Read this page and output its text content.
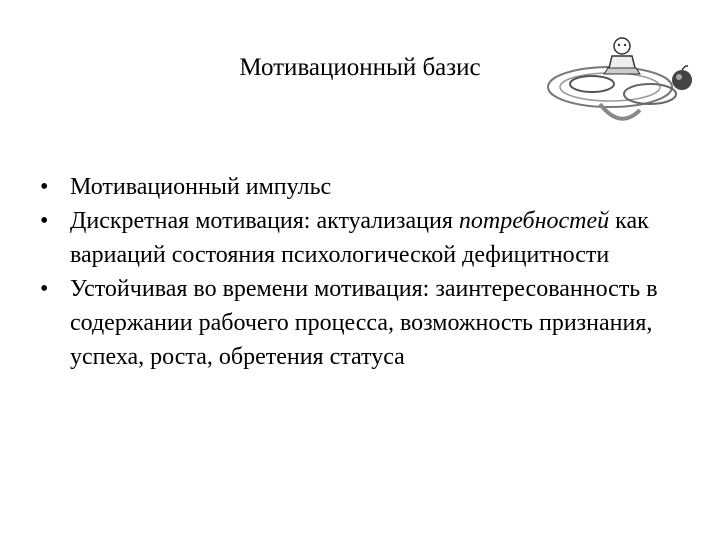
Мотивационный базис
• Мотивационный импульс
• Дискретная мотивация: актуализация потребностей как вариаций состояния психологической дефицитности
• Устойчивая во времени мотивация: заинтересованность в содержании рабочего процесса, возможность признания, успеха, роста, обретения статуса
